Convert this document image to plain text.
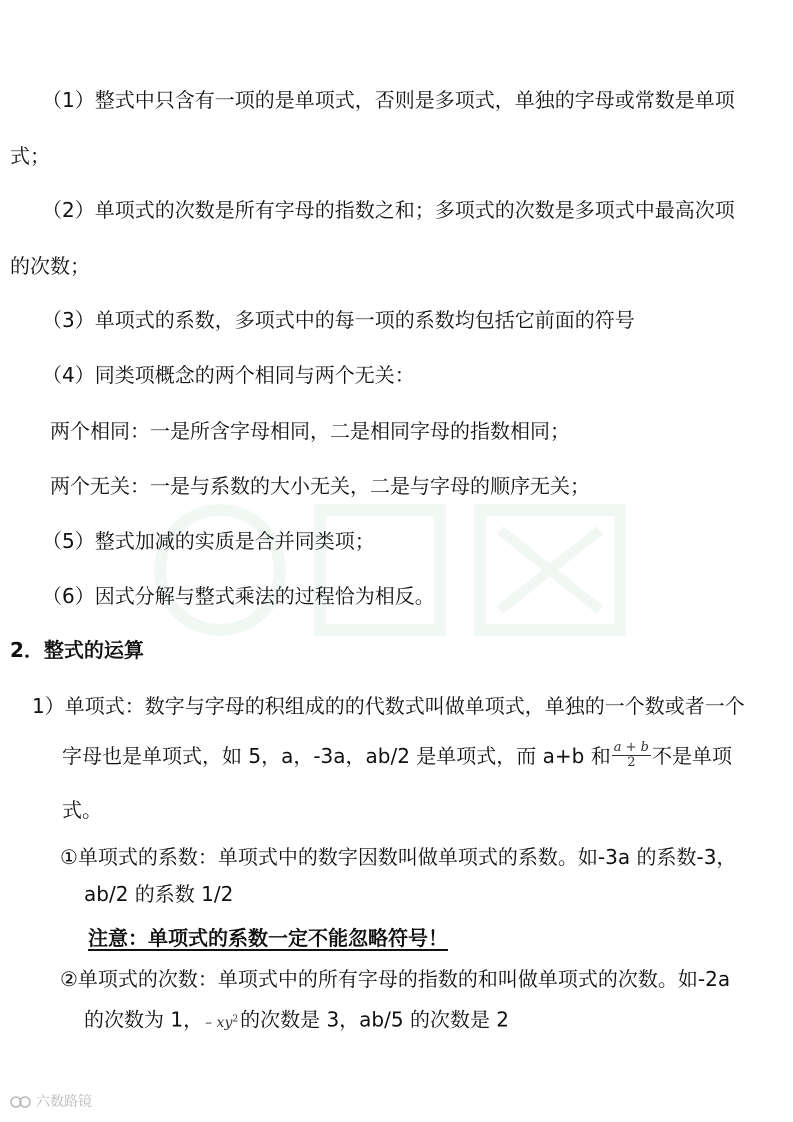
（1）整式中只含有一项的是单项式，否则是多项式，单独的字母或常数是单项
式；
（2）单项式的次数是所有字母的指数之和；多项式的次数是多项式中最高次项
的次数；
（3）单项式的系数，多项式中的每一项的系数均包括它前面的符号
（4）同类项概念的两个相同与两个无关：
两个相同：一是所含字母相同，二是相同字母的指数相同；
两个无关：一是与系数的大小无关，二是与字母的顺序无关；
（5）整式加减的实质是合并同类项；
（6）因式分解与整式乘法的过程恰为相反。
2．整式的运算
1）单项式：数字与字母的积组成的的代数式叫做单项式，单独的一个数或者一个
字母也是单项式，如 5，a，-3a，ab/2 是单项式，而 a+b 和 $\frac{a + b}{2}$ 不是单项
式。
①单项式的系数：单项式中的数字因数叫做单项式的系数。如-3a 的系数-3，
ab/2 的系数 1/2
注意：单项式的系数一定不能忽略符号！
②单项式的次数：单项式中的所有字母的指数的和叫做单项式的次数。如-2a
的次数为 1， – $xy^2$ 的次数是 3，ab/5 的次数是 2
六数路镜
